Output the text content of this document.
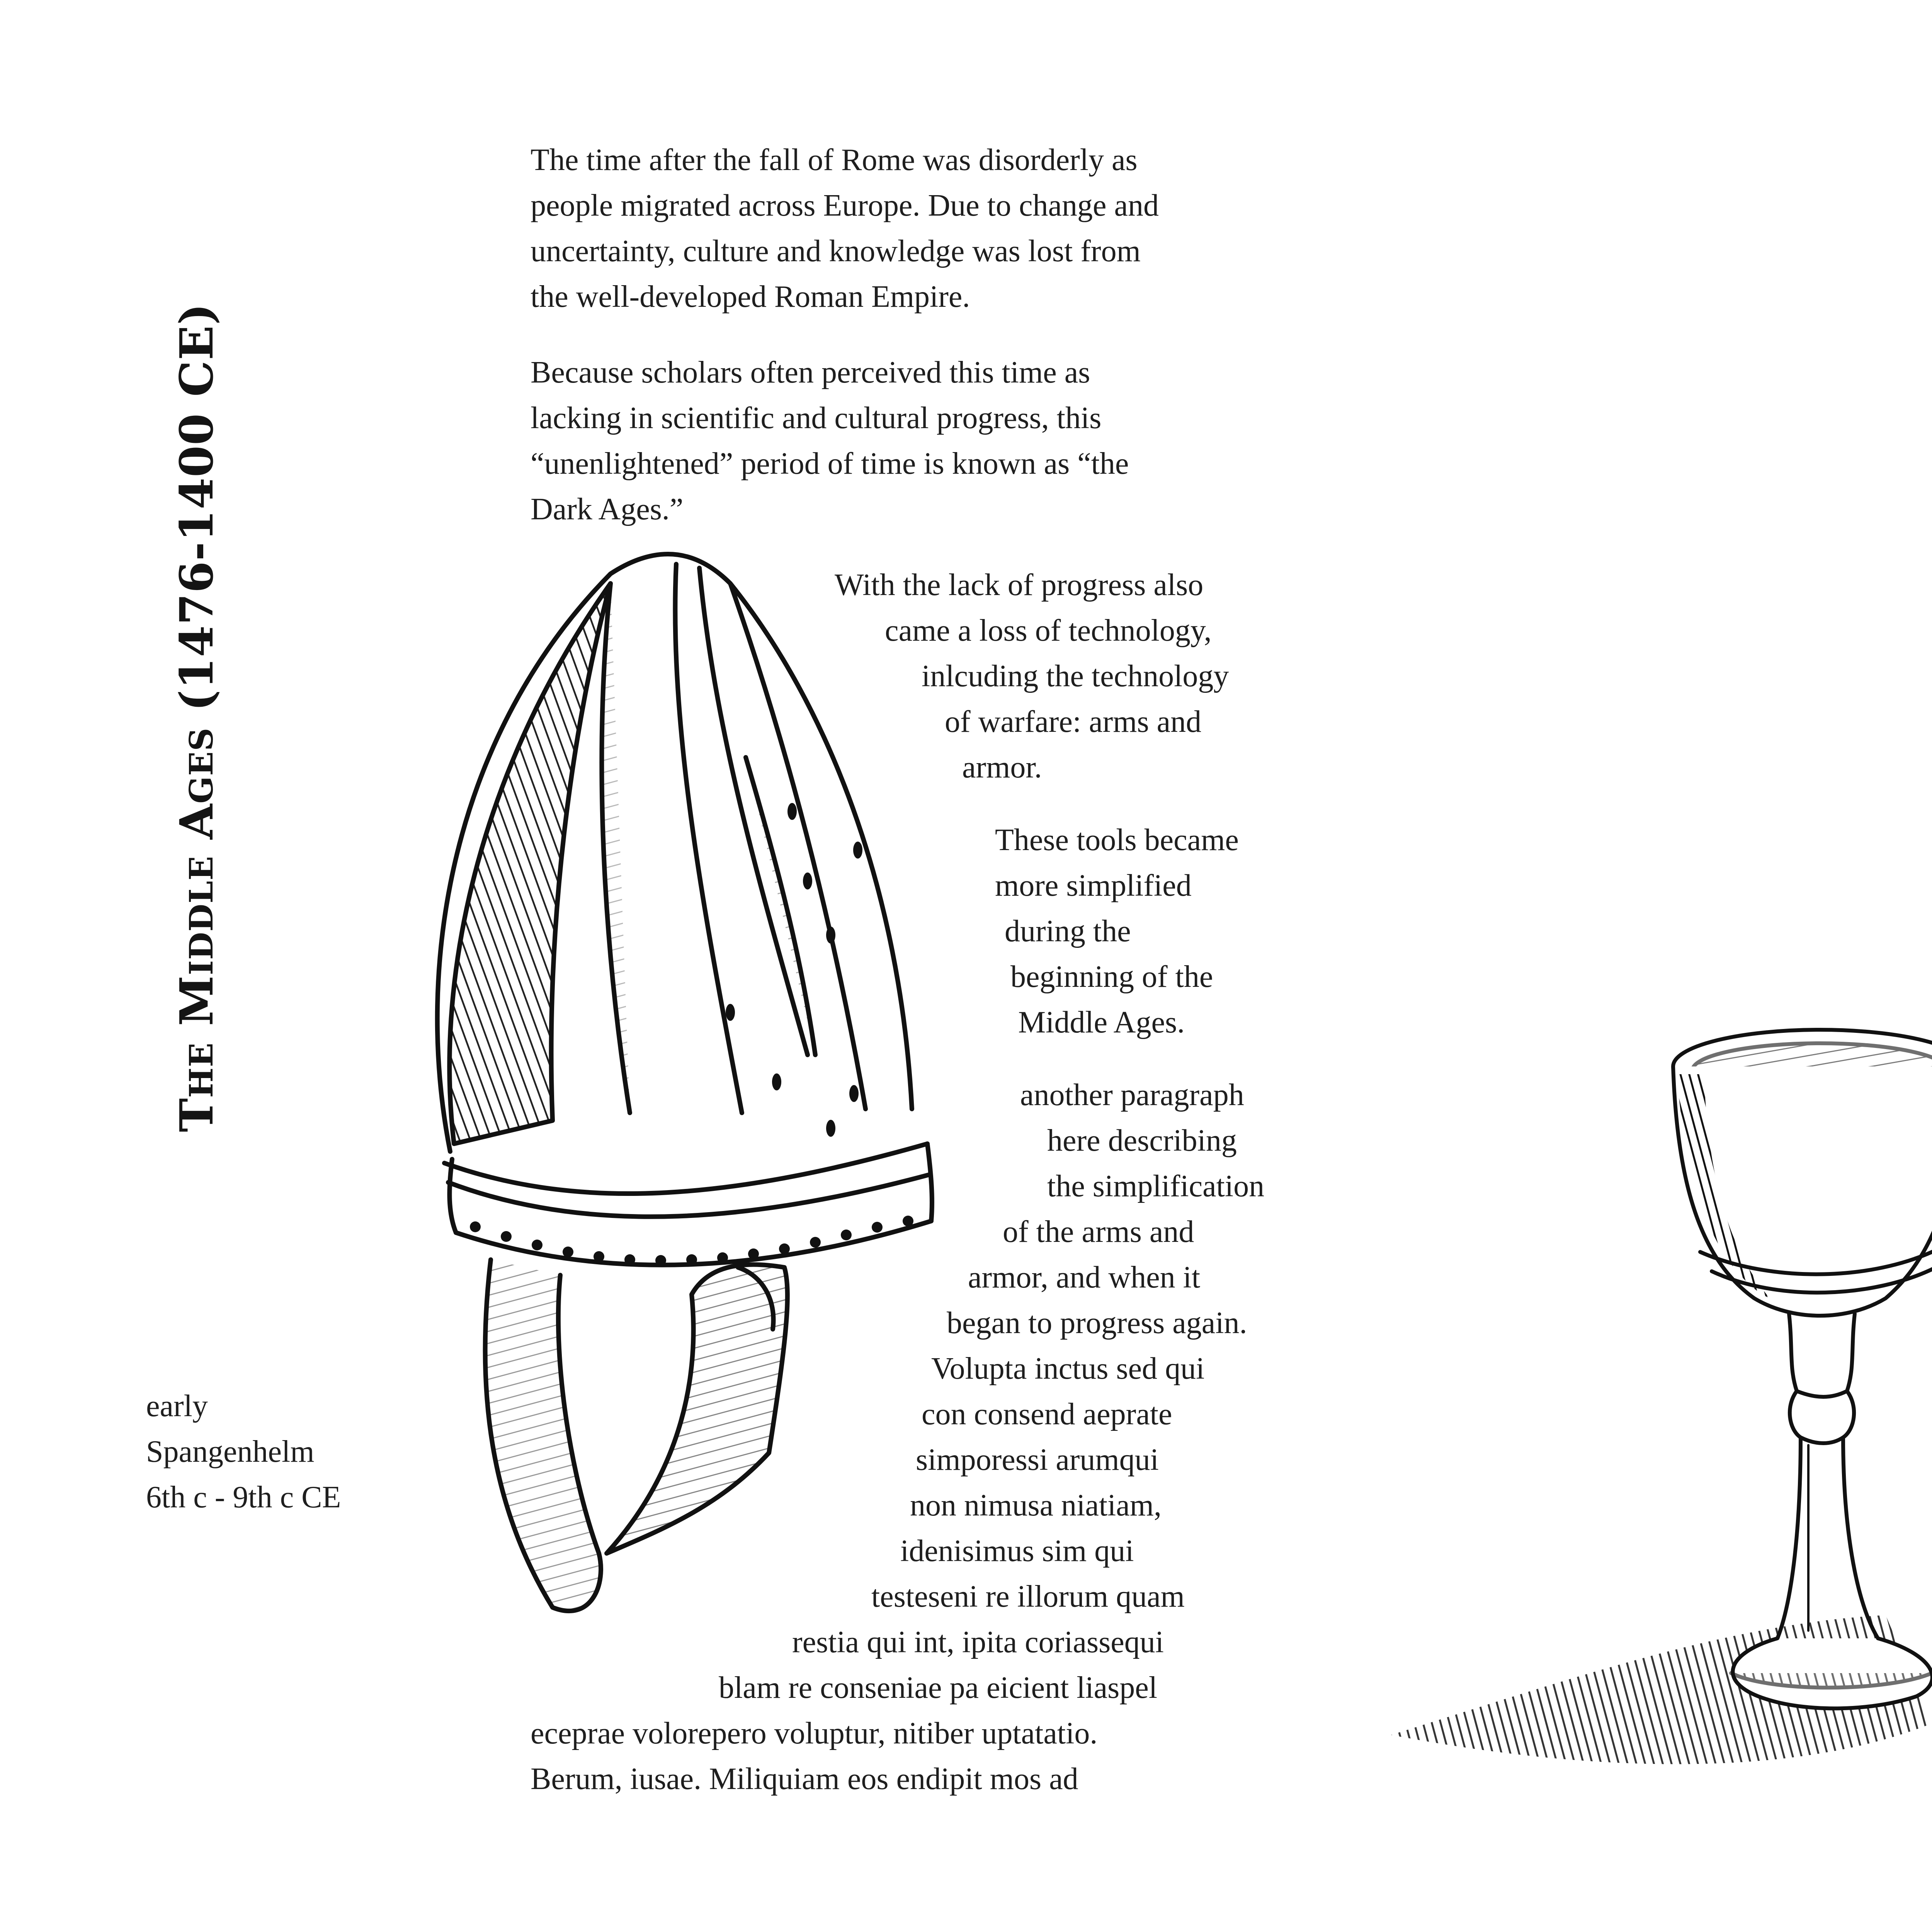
The Middle Ages (1476-1400 CE)
The time after the fall of Rome was disorderly as
people migrated across Europe. Due to change and
uncertainty, culture and knowledge was lost from
the well-developed Roman Empire.
Because scholars often perceived this time as
lacking in scientific and cultural progress, this
“unenlightened” period of time is known as “the
Dark Ages.”
With the lack of progress also
came a loss of technology,
inlcuding the technology
of warfare: arms and
armor.
These tools became
more simplified
during the
beginning of the
Middle Ages.
another paragraph
here describing
the simplification
of the arms and
armor, and when it
began to progress again.
Volupta inctus sed qui
con consend aeprate
simporessi arumqui
non nimusa niatiam,
idenisimus sim qui
testeseni re illorum quam
restia qui int, ipita coriassequi
blam re conseniae pa eicient liaspel
eceprae volorepero voluptur, nitiber uptatatio.
Berum, iusae. Miliquiam eos endipit mos ad
early
Spangenhelm
6th c - 9th c CE
